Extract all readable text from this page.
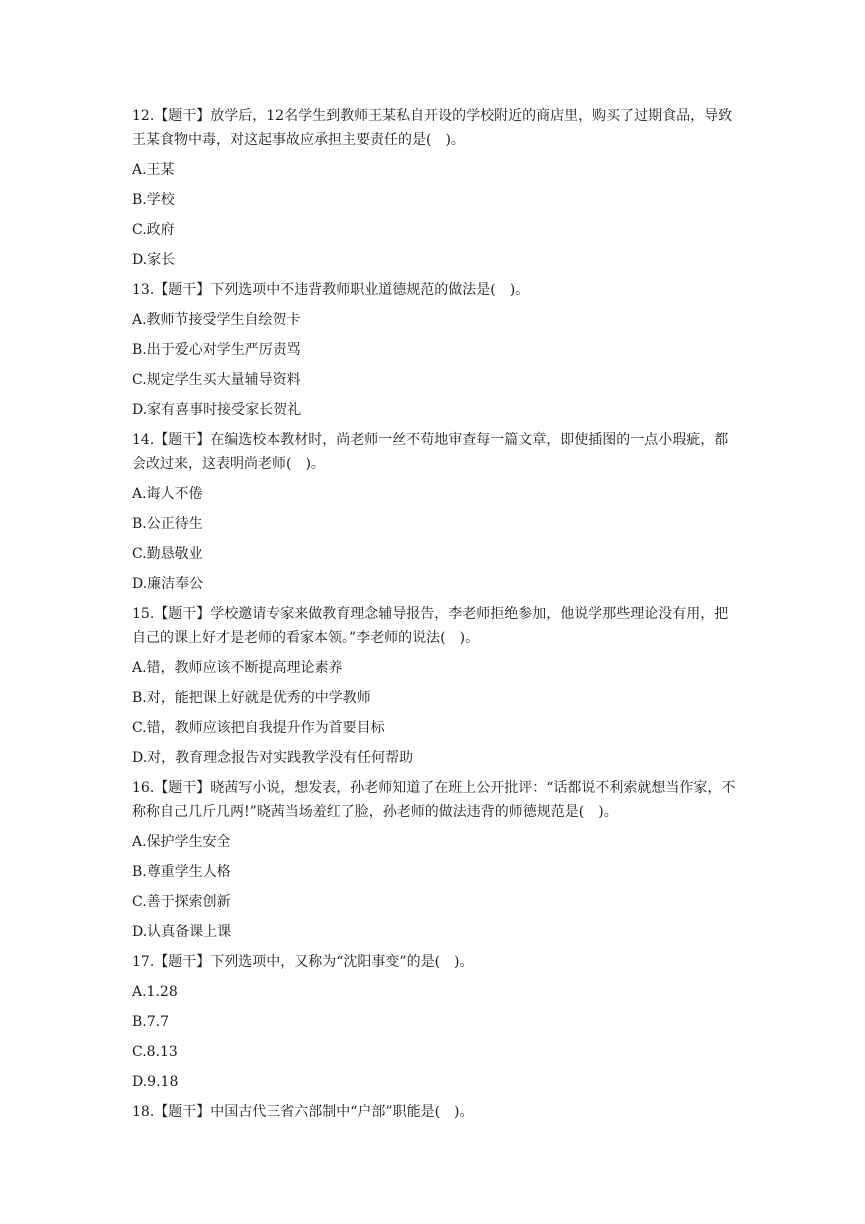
12.【题干】放学后，12名学生到教师王某私自开设的学校附近的商店里，购买了过期食品，导致王某食物中毒，对这起事故应承担主要责任的是(　)。

A.王某
B.学校
C.政府
D.家长

13.【题干】下列选项中不违背教师职业道德规范的做法是(　)。

A.教师节接受学生自绘贺卡
B.出于爱心对学生严厉责骂
C.规定学生买大量辅导资料
D.家有喜事时接受家长贺礼

14.【题干】在编选校本教材时，尚老师一丝不苟地审查每一篇文章，即使插图的一点小瑕疵，都会改过来，这表明尚老师(　)。

A.诲人不倦
B.公正待生
C.勤恳敬业
D.廉洁奉公

15.【题干】学校邀请专家来做教育理念辅导报告，李老师拒绝参加，他说学那些理论没有用，把自己的课上好才是老师的看家本领。”李老师的说法(　)。

A.错，教师应该不断提高理论素养
B.对，能把课上好就是优秀的中学教师
C.错，教师应该把自我提升作为首要目标
D.对，教育理念报告对实践教学没有任何帮助

16.【题干】晓茜写小说，想发表，孙老师知道了在班上公开批评：“话都说不利索就想当作家，不称称自己几斤几两!”晓茜当场羞红了脸，孙老师的做法违背的师德规范是(　)。

A.保护学生安全
B.尊重学生人格
C.善于探索创新
D.认真备课上课

17.【题干】下列选项中，又称为“沈阳事变”的是(　)。

A.1.28
B.7.7
C.8.13
D.9.18

18.【题干】中国古代三省六部制中“户部”职能是(　)。
